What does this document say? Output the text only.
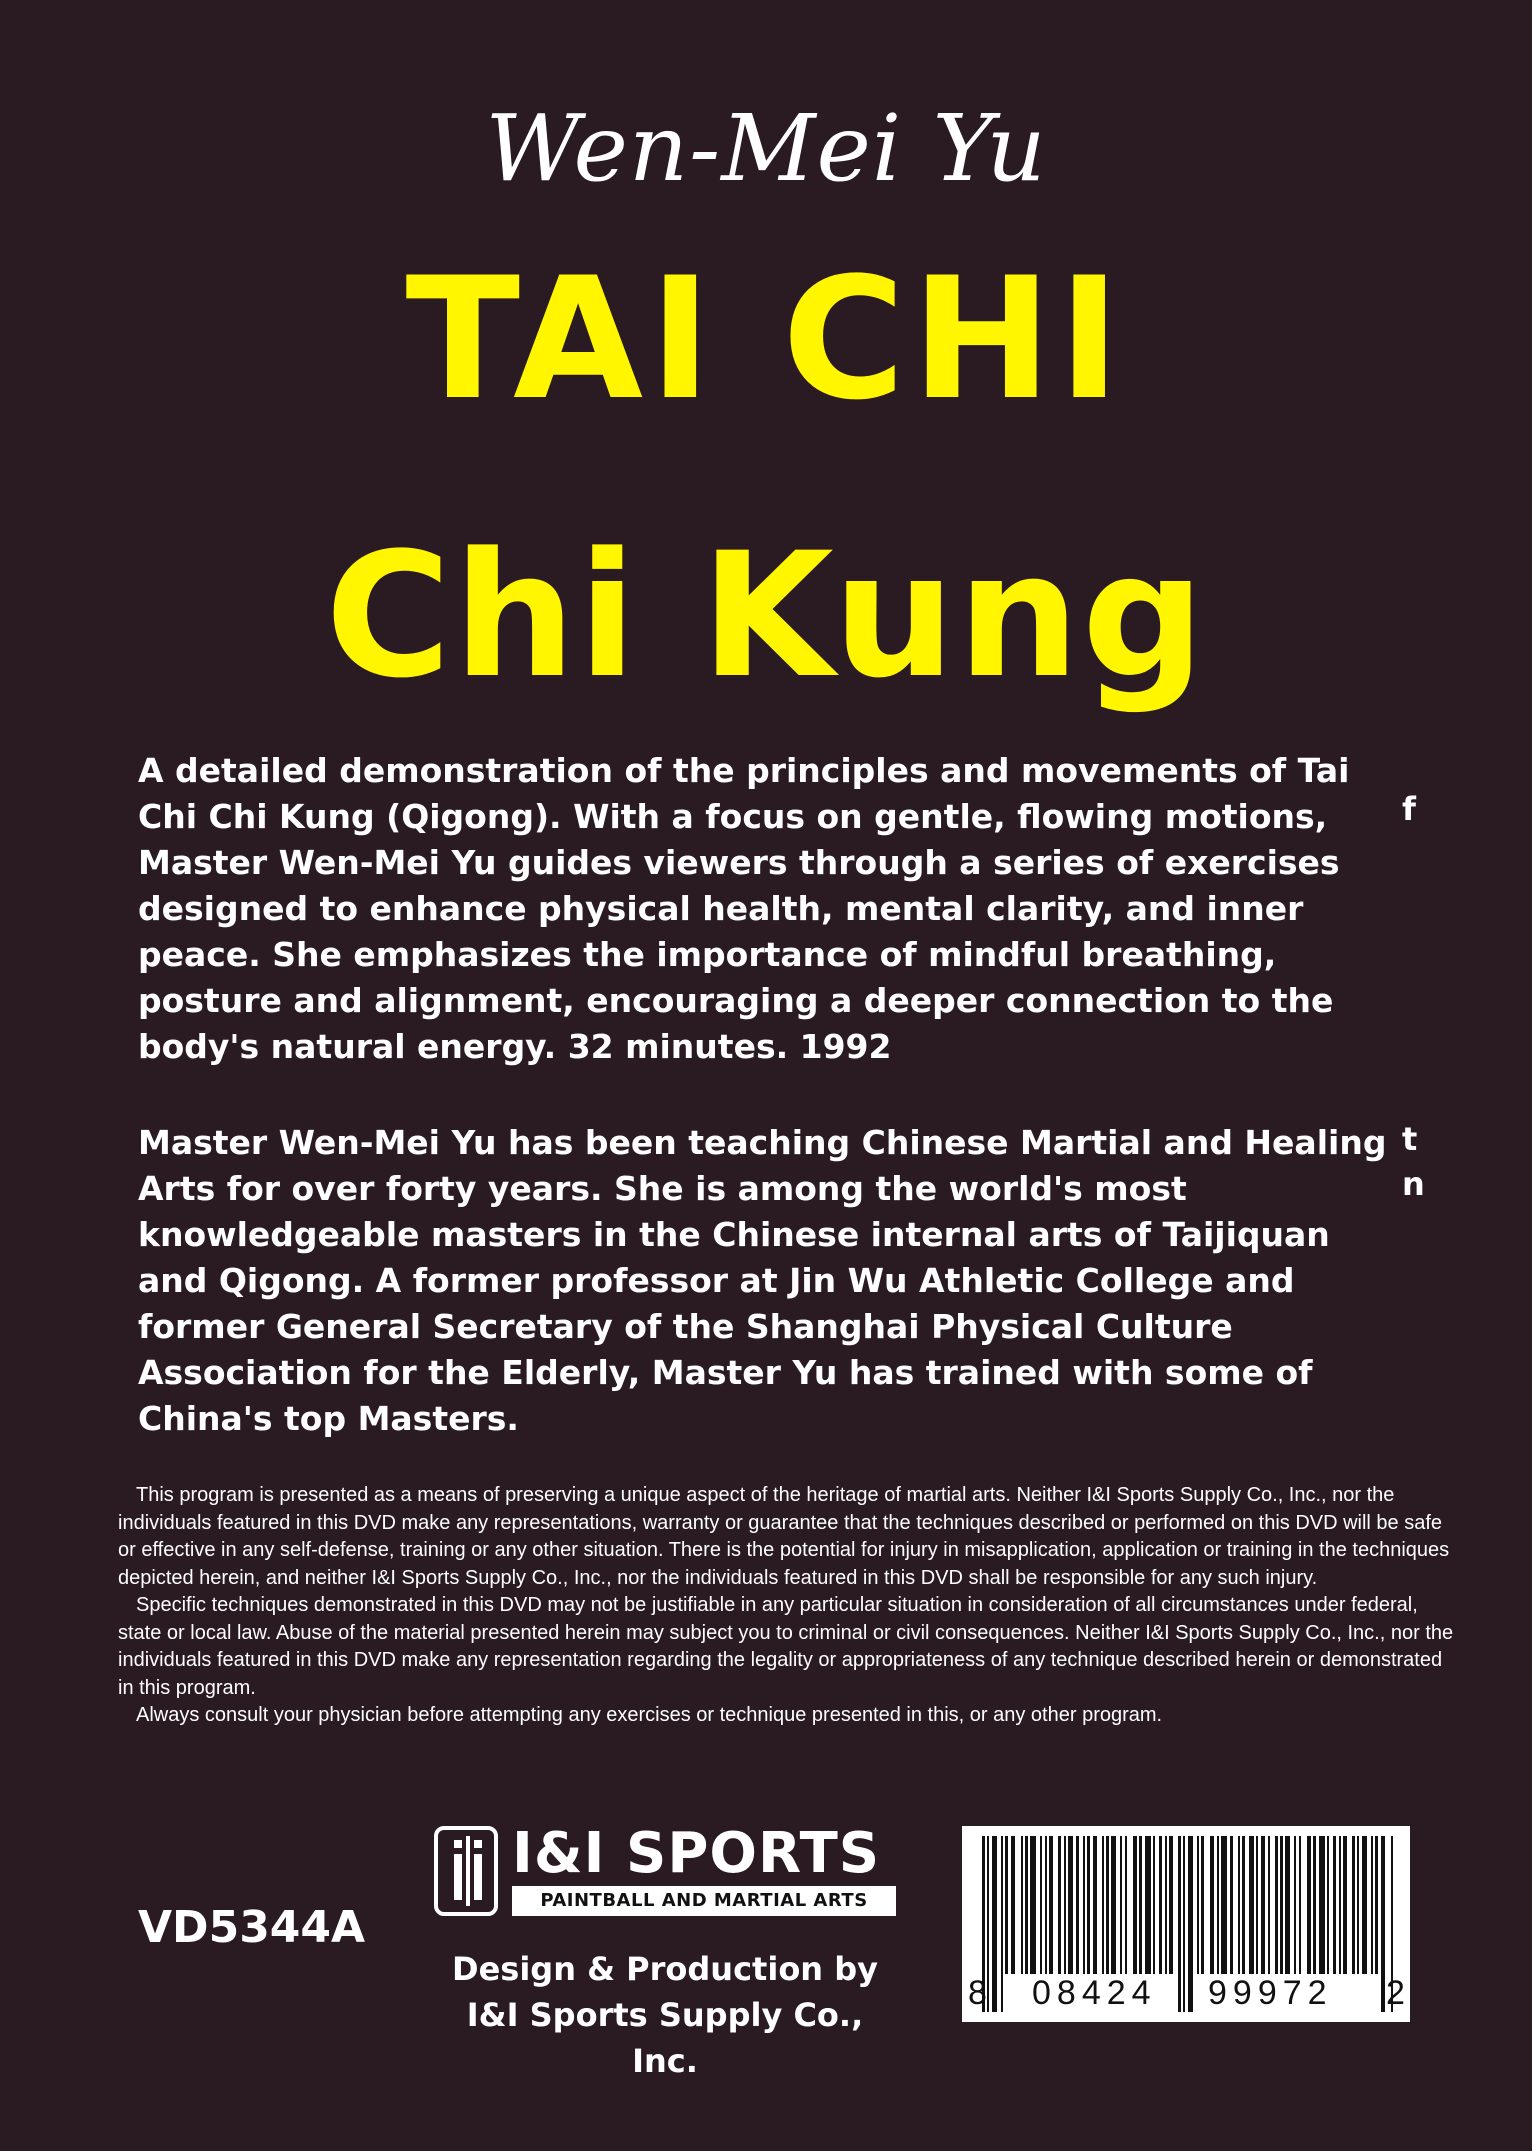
Wen-Mei Yu
TAI CHI
Chi Kung
A detailed demonstration of the principles and movements of Tai Chi Chi Kung (Qigong). With a focus on gentle, flowing motions, Master Wen-Mei Yu guides viewers through a series of exercises designed to enhance physical health, mental clarity, and inner peace. She emphasizes the importance of mindful breathing, posture and alignment, encouraging a deeper connection to the body's natural energy. 32 minutes. 1992
Master Wen-Mei Yu has been teaching Chinese Martial and Healing Arts for over forty years. She is among the world's most knowledgeable masters in the Chinese internal arts of Taijiquan and Qigong. A former professor at Jin Wu Athletic College and former General Secretary of the Shanghai Physical Culture Association for the Elderly, Master Yu has trained with some of China's top Masters.
f
t
n

This program is presented as a means of preserving a unique aspect of the heritage of martial arts. Neither I&I Sports Supply Co., Inc., nor the individuals featured in this DVD make any representations, warranty or guarantee that the techniques described or performed on this DVD will be safe or effective in any self-defense, training or any other situation. There is the potential for injury in misapplication, application or training in the techniques depicted herein, and neither I&I Sports Supply Co., Inc., nor the individuals featured in this DVD shall be responsible for any such injury.

Specific techniques demonstrated in this DVD may not be justifiable in any particular situation in consideration of all circumstances under federal, state or local law. Abuse of the material presented herein may subject you to criminal or civil consequences. Neither I&I Sports Supply Co., Inc., nor the individuals featured in this DVD make any representation regarding the legality or appropriateness of any technique described herein or demonstrated in this program.

Always consult your physician before attempting any exercises or technique presented in this, or any other program.

VD5344A
I&I SPORTS
PAINTBALL AND MARTIAL ARTS
Design & Production by
I&I Sports Supply Co., Inc.
8 08424 99972 2
